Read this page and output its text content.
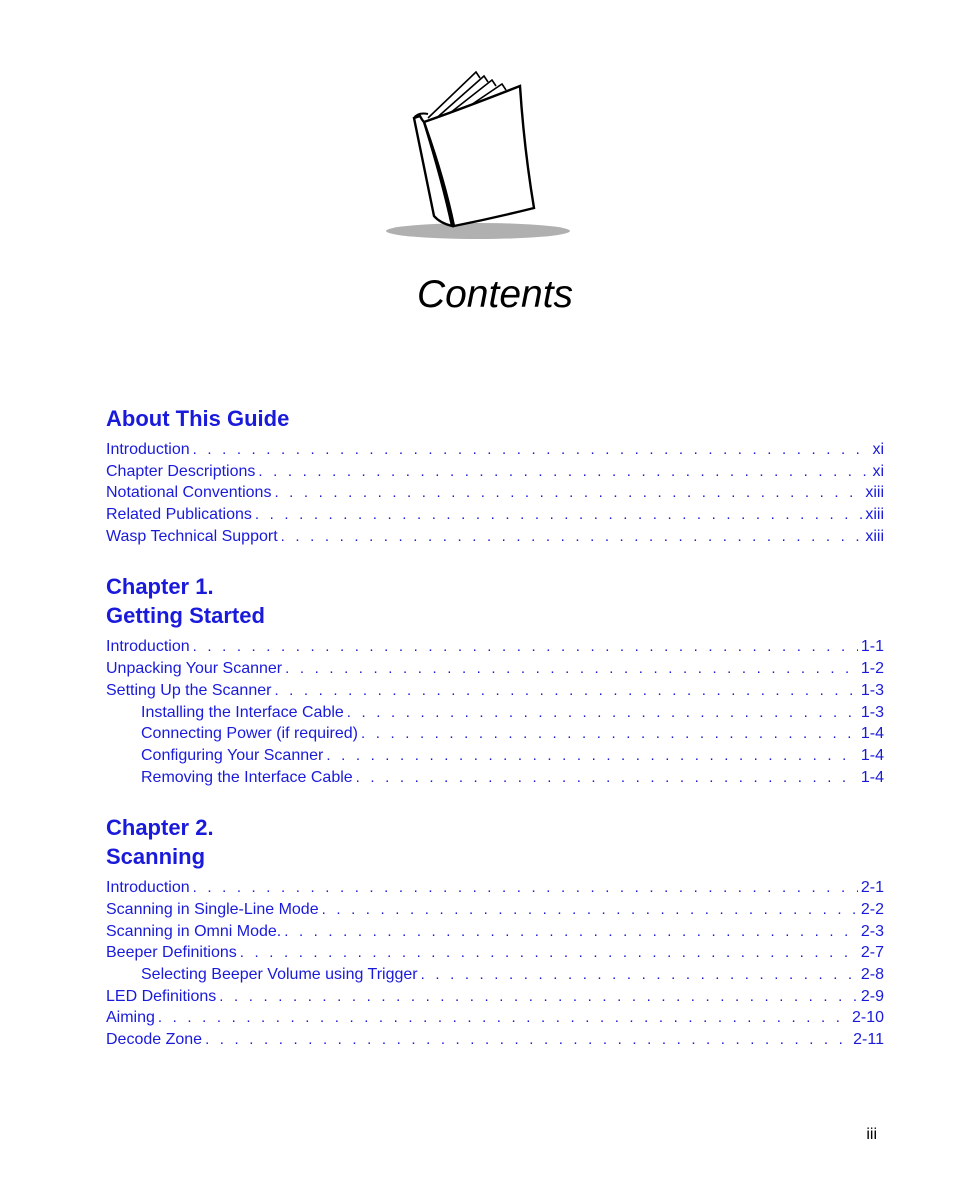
Contents
About This Guide
Introduction . . .	xi
Chapter Descriptions . . .	xi
Notational Conventions . . .	xiii
Related Publications . . .	xiii
Wasp Technical Support . . .	xiii
Chapter 1.
Getting Started
Introduction . . .	1-1
Unpacking Your Scanner . . .	1-2
Setting Up the Scanner . . .	1-3
Installing the Interface Cable . . .	1-3
Connecting Power (if required) . . .	1-4
Configuring Your Scanner . . .	1-4
Removing the Interface Cable . . .	1-4
Chapter 2.
Scanning
Introduction . . .	2-1
Scanning in Single-Line Mode . . .	2-2
Scanning in Omni Mode. . . .	2-3
Beeper Definitions . . .	2-7
Selecting Beeper Volume using Trigger . . .	2-8
LED Definitions . . .	2-9
Aiming . . .	2-10
Decode Zone . . .	2-11
iii
